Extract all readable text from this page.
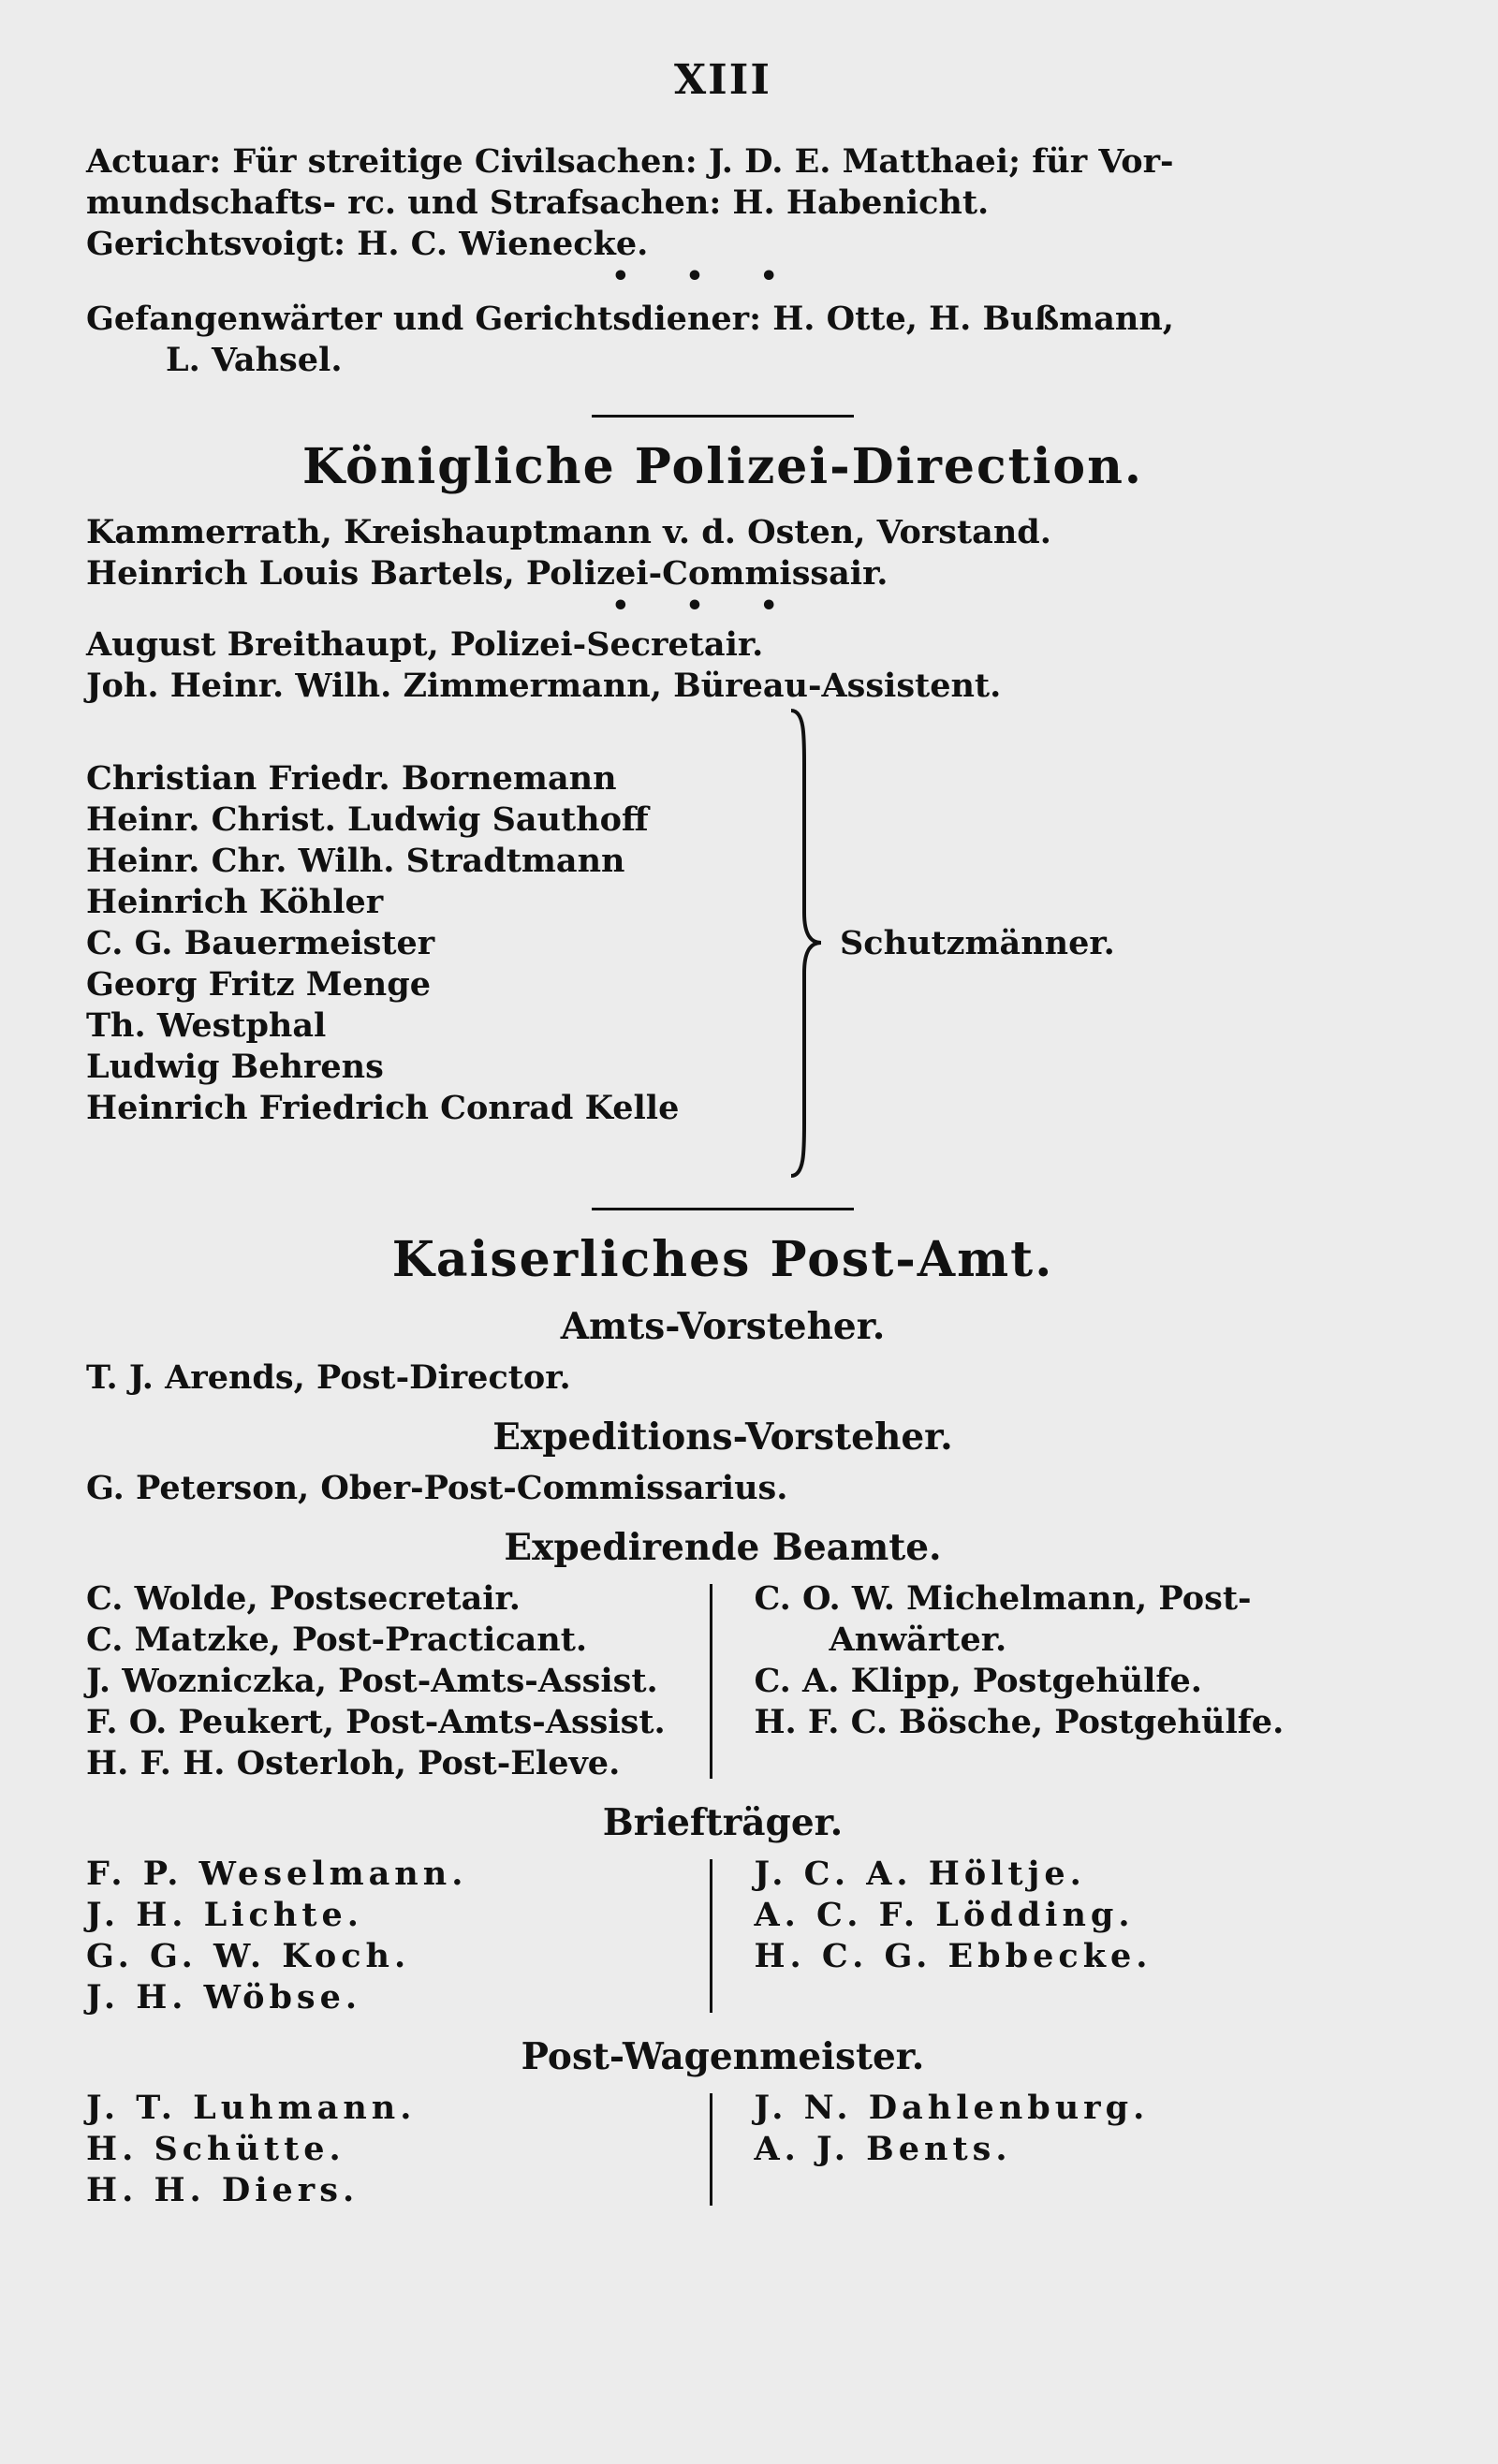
XIII
Actuar: Für streitige Civilsachen: J. D. E. Matthaei; für Vor-
mundschafts- rc. und Strafsachen: H. Habenicht.
Gerichtsvoigt: H. C. Wienecke.
•••
Gefangenwärter und Gerichtsdiener: H. Otte, H. Bußmann,
L. Vahsel.
Königliche Polizei-Direction.
Kammerrath, Kreishauptmann v. d. Osten, Vorstand.
Heinrich Louis Bartels, Polizei-Commissair.
•••
August Breithaupt, Polizei-Secretair.
Joh. Heinr. Wilh. Zimmermann, Büreau-Assistent.
Christian Friedr. Bornemann
Heinr. Christ. Ludwig Sauthoff
Heinr. Chr. Wilh. Stradtmann
Heinrich Köhler
C. G. Bauermeister
Georg Fritz Menge
Th. Westphal
Ludwig Behrens
Heinrich Friedrich Conrad Kelle
Schutzmänner.
Kaiserliches Post-Amt.
Amts-Vorsteher.
T. J. Arends, Post-Director.
Expeditions-Vorsteher.
G. Peterson, Ober-Post-Commissarius.
Expedirende Beamte.
C. Wolde, Postsecretair.
C. Matzke, Post-Practicant.
J. Wozniczka, Post-Amts-Assist.
F. O. Peukert, Post-Amts-Assist.
H. F. H. Osterloh, Post-Eleve.
C. O. W. Michelmann, Post-
Anwärter.
C. A. Klipp, Postgehülfe.
H. F. C. Bösche, Postgehülfe.
Briefträger.
F. P. Weselmann.
J. H. Lichte.
G. G. W. Koch.
J. H. Wöbse.
J. C. A. Höltje.
A. C. F. Lödding.
H. C. G. Ebbecke.
Post-Wagenmeister.
J. T. Luhmann.
H. Schütte.
H. H. Diers.
J. N. Dahlenburg.
A. J. Bents.
